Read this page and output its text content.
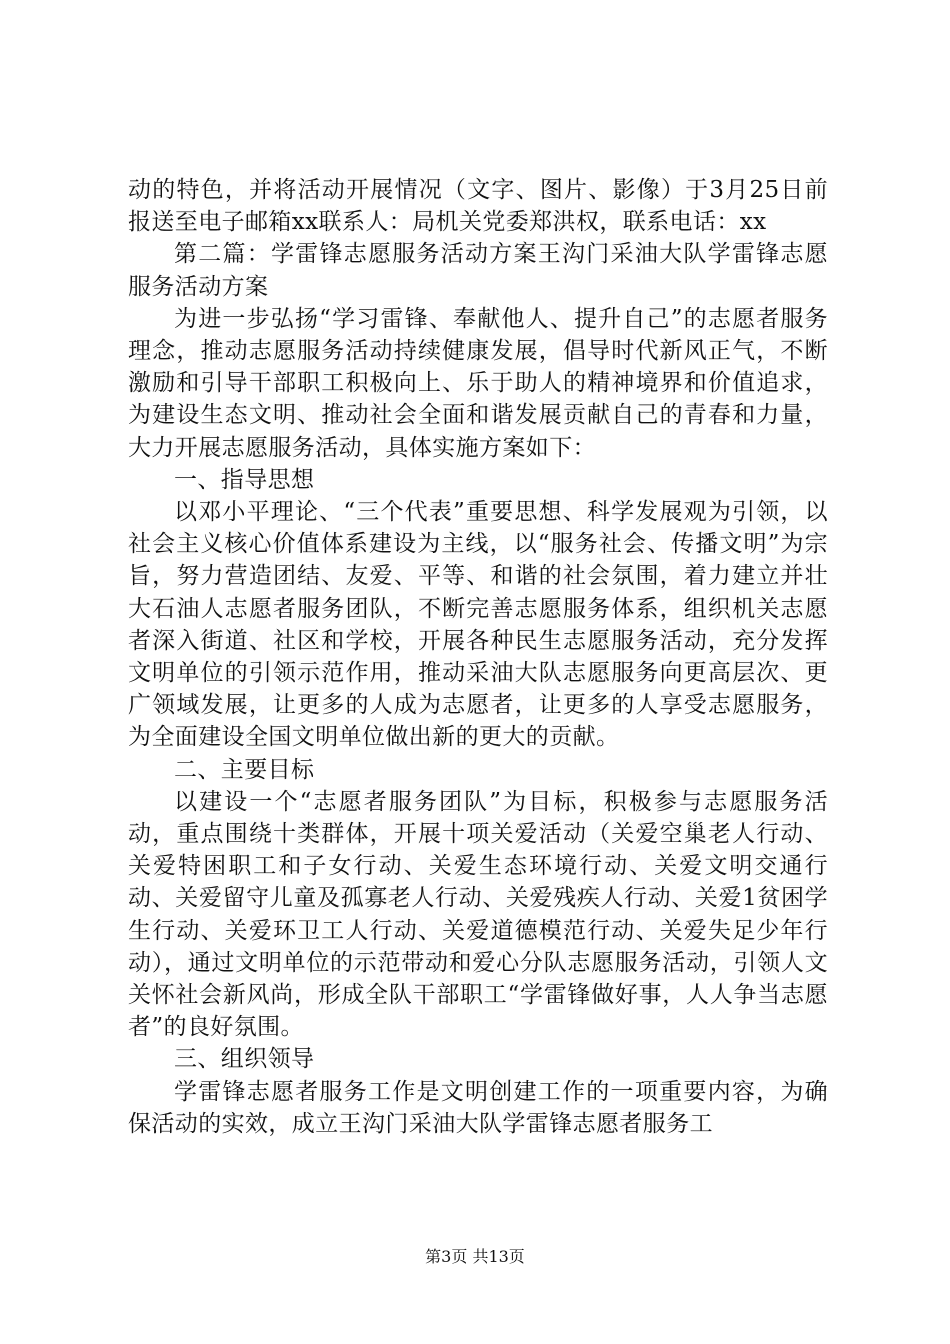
动的特色，并将活动开展情况（文字、图片、影像）于3月25日前报送至电子邮箱xx联系人：局机关党委郑洪权，联系电话：xx

第二篇：学雷锋志愿服务活动方案王沟门采油大队学雷锋志愿服务活动方案

为进一步弘扬“学习雷锋、奉献他人、提升自己”的志愿者服务理念，推动志愿服务活动持续健康发展，倡导时代新风正气，不断激励和引导干部职工积极向上、乐于助人的精神境界和价值追求，为建设生态文明、推动社会全面和谐发展贡献自己的青春和力量，大力开展志愿服务活动，具体实施方案如下：

一、指导思想

以邓小平理论、“三个代表”重要思想、科学发展观为引领，以社会主义核心价值体系建设为主线，以“服务社会、传播文明”为宗旨，努力营造团结、友爱、平等、和谐的社会氛围，着力建立并壮大石油人志愿者服务团队，不断完善志愿服务体系，组织机关志愿者深入街道、社区和学校，开展各种民生志愿服务活动，充分发挥文明单位的引领示范作用，推动采油大队志愿服务向更高层次、更广领域发展，让更多的人成为志愿者，让更多的人享受志愿服务，为全面建设全国文明单位做出新的更大的贡献。

二、主要目标

以建设一个“志愿者服务团队”为目标，积极参与志愿服务活动，重点围绕十类群体，开展十项关爱活动（关爱空巢老人行动、关爱特困职工和子女行动、关爱生态环境行动、关爱文明交通行动、关爱留守儿童及孤寡老人行动、关爱残疾人行动、关爱1贫困学生行动、关爱环卫工人行动、关爱道德模范行动、关爱失足少年行动），通过文明单位的示范带动和爱心分队志愿服务活动，引领人文关怀社会新风尚，形成全队干部职工“学雷锋做好事，人人争当志愿者”的良好氛围。

三、组织领导

学雷锋志愿者服务工作是文明创建工作的一项重要内容，为确保活动的实效，成立王沟门采油大队学雷锋志愿者服务工

第3页 共13页
